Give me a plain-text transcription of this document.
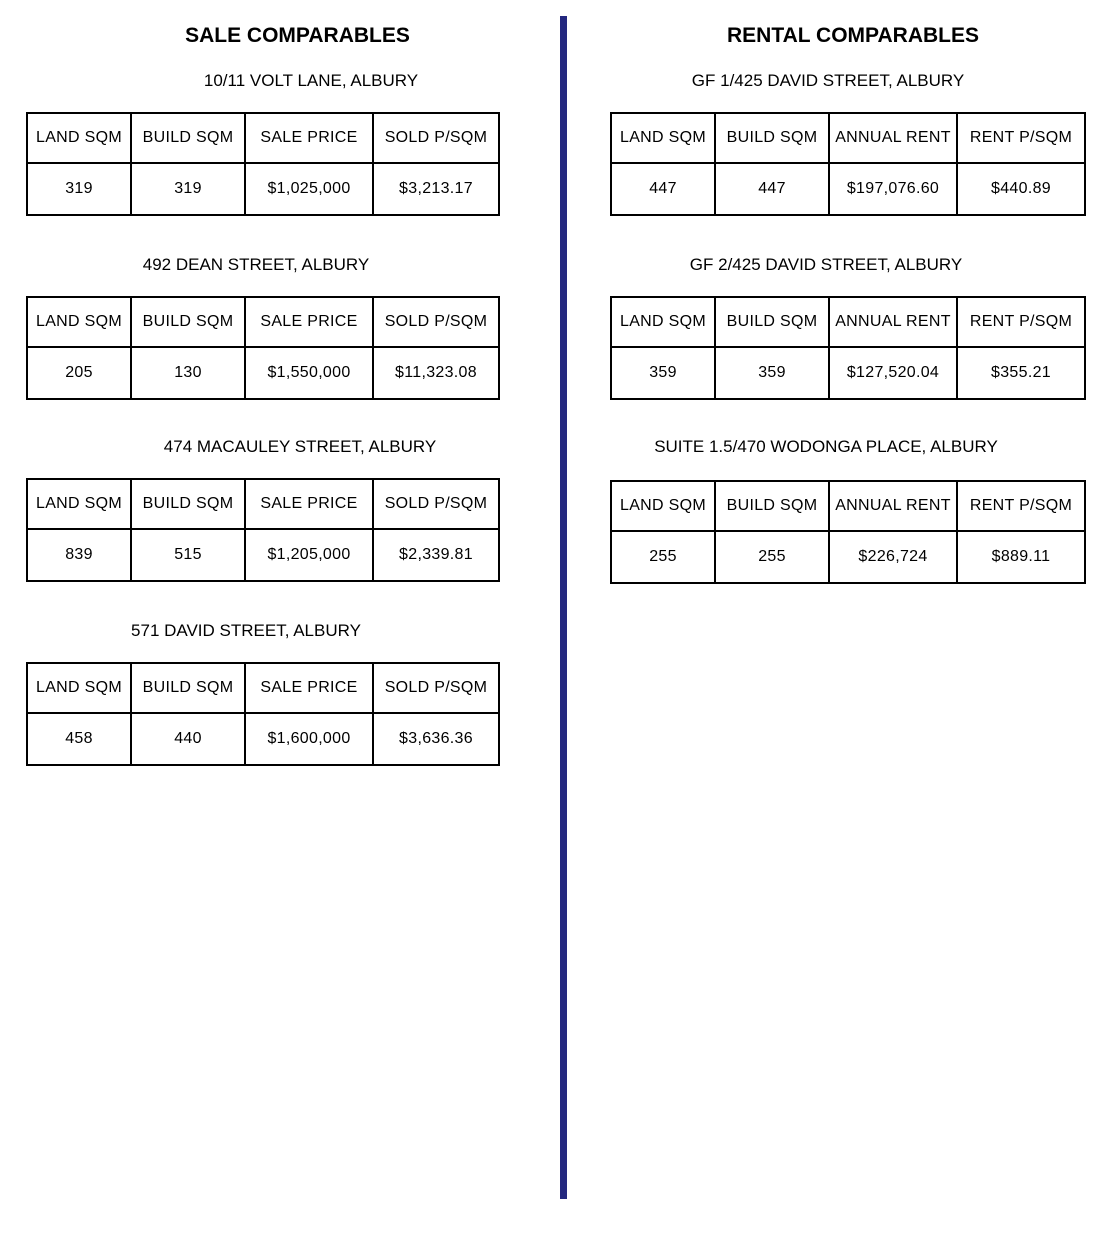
SALE COMPARABLES	RENTAL COMPARABLES

10/11 VOLT LANE, ALBURY

LAND SQM	BUILD SQM	SALE PRICE	SOLD P/SQM
319	319	$1,025,000	$3,213.17

492 DEAN STREET, ALBURY

LAND SQM	BUILD SQM	SALE PRICE	SOLD P/SQM
205	130	$1,550,000	$11,323.08

474 MACAULEY STREET, ALBURY

LAND SQM	BUILD SQM	SALE PRICE	SOLD P/SQM
839	515	$1,205,000	$2,339.81

571 DAVID STREET, ALBURY

LAND SQM	BUILD SQM	SALE PRICE	SOLD P/SQM
458	440	$1,600,000	$3,636.36

GF 1/425 DAVID STREET, ALBURY

LAND SQM	BUILD SQM	ANNUAL RENT	RENT P/SQM
447	447	$197,076.60	$440.89

GF 2/425 DAVID STREET, ALBURY

LAND SQM	BUILD SQM	ANNUAL RENT	RENT P/SQM
359	359	$127,520.04	$355.21

SUITE 1.5/470 WODONGA PLACE, ALBURY

LAND SQM	BUILD SQM	ANNUAL RENT	RENT P/SQM
255	255	$226,724	$889.11
